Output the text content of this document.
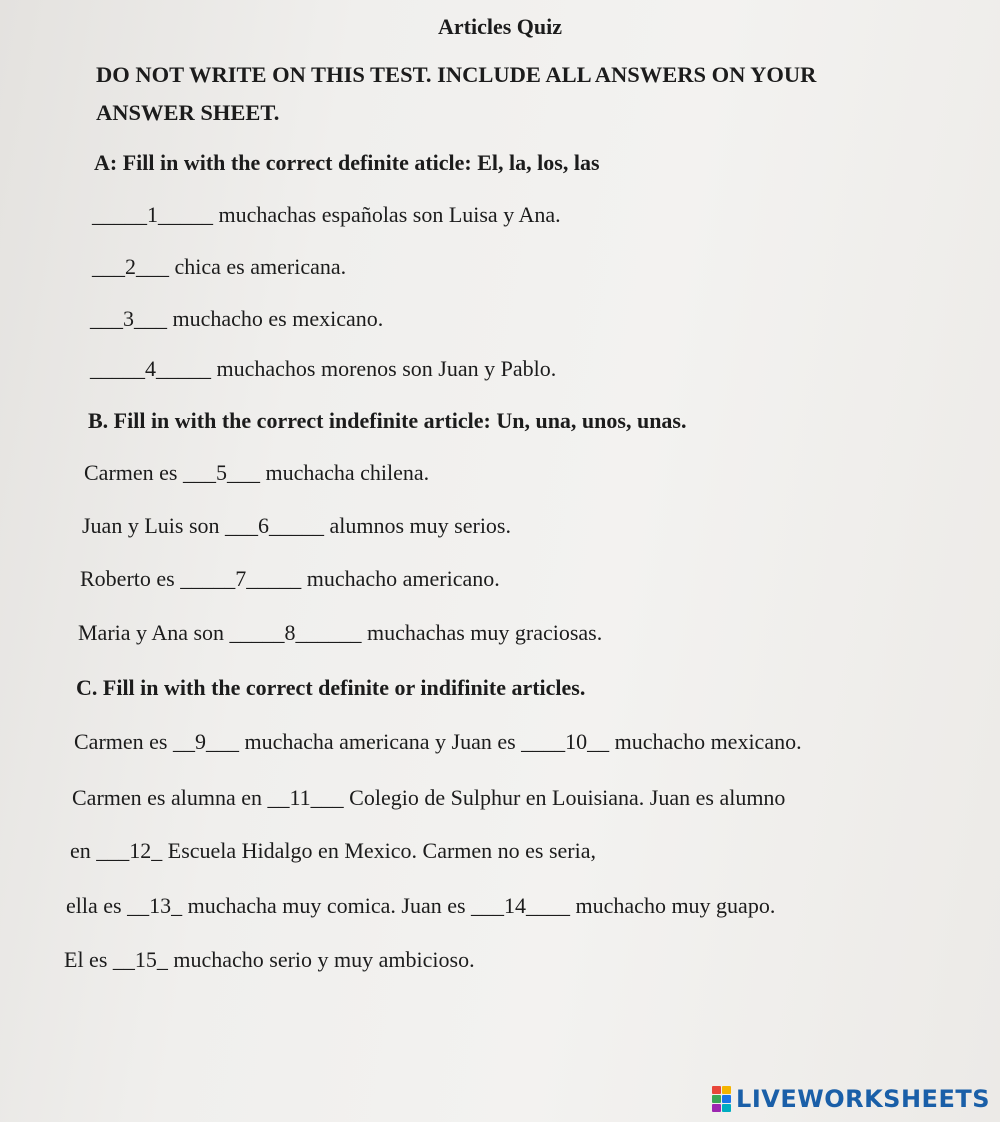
Articles Quiz
DO NOT WRITE ON THIS TEST. INCLUDE ALL ANSWERS ON YOUR
ANSWER SHEET.
A: Fill in with the correct definite aticle: El, la, los, las
_____1_____ muchachas españolas son Luisa y Ana.
___2___ chica es americana.
___3___ muchacho es mexicano.
_____4_____ muchachos morenos son Juan y Pablo.
B. Fill in with the correct indefinite article: Un, una, unos, unas.
Carmen es ___5___ muchacha chilena.
Juan y Luis son ___6_____ alumnos muy serios.
Roberto es _____7_____ muchacho americano.
Maria y Ana son _____8______ muchachas muy graciosas.
C. Fill in with the correct definite or indifinite articles.
Carmen es __9___ muchacha americana y Juan es ____10__ muchacho mexicano.
Carmen es alumna en __11___ Colegio de Sulphur en Louisiana. Juan es alumno
en ___12_ Escuela Hidalgo en Mexico. Carmen no es seria,
ella es __13_ muchacha muy comica. Juan es ___14____ muchacho muy guapo.
El es __15_ muchacho serio y muy ambicioso.
LIVEWORKSHEETS
